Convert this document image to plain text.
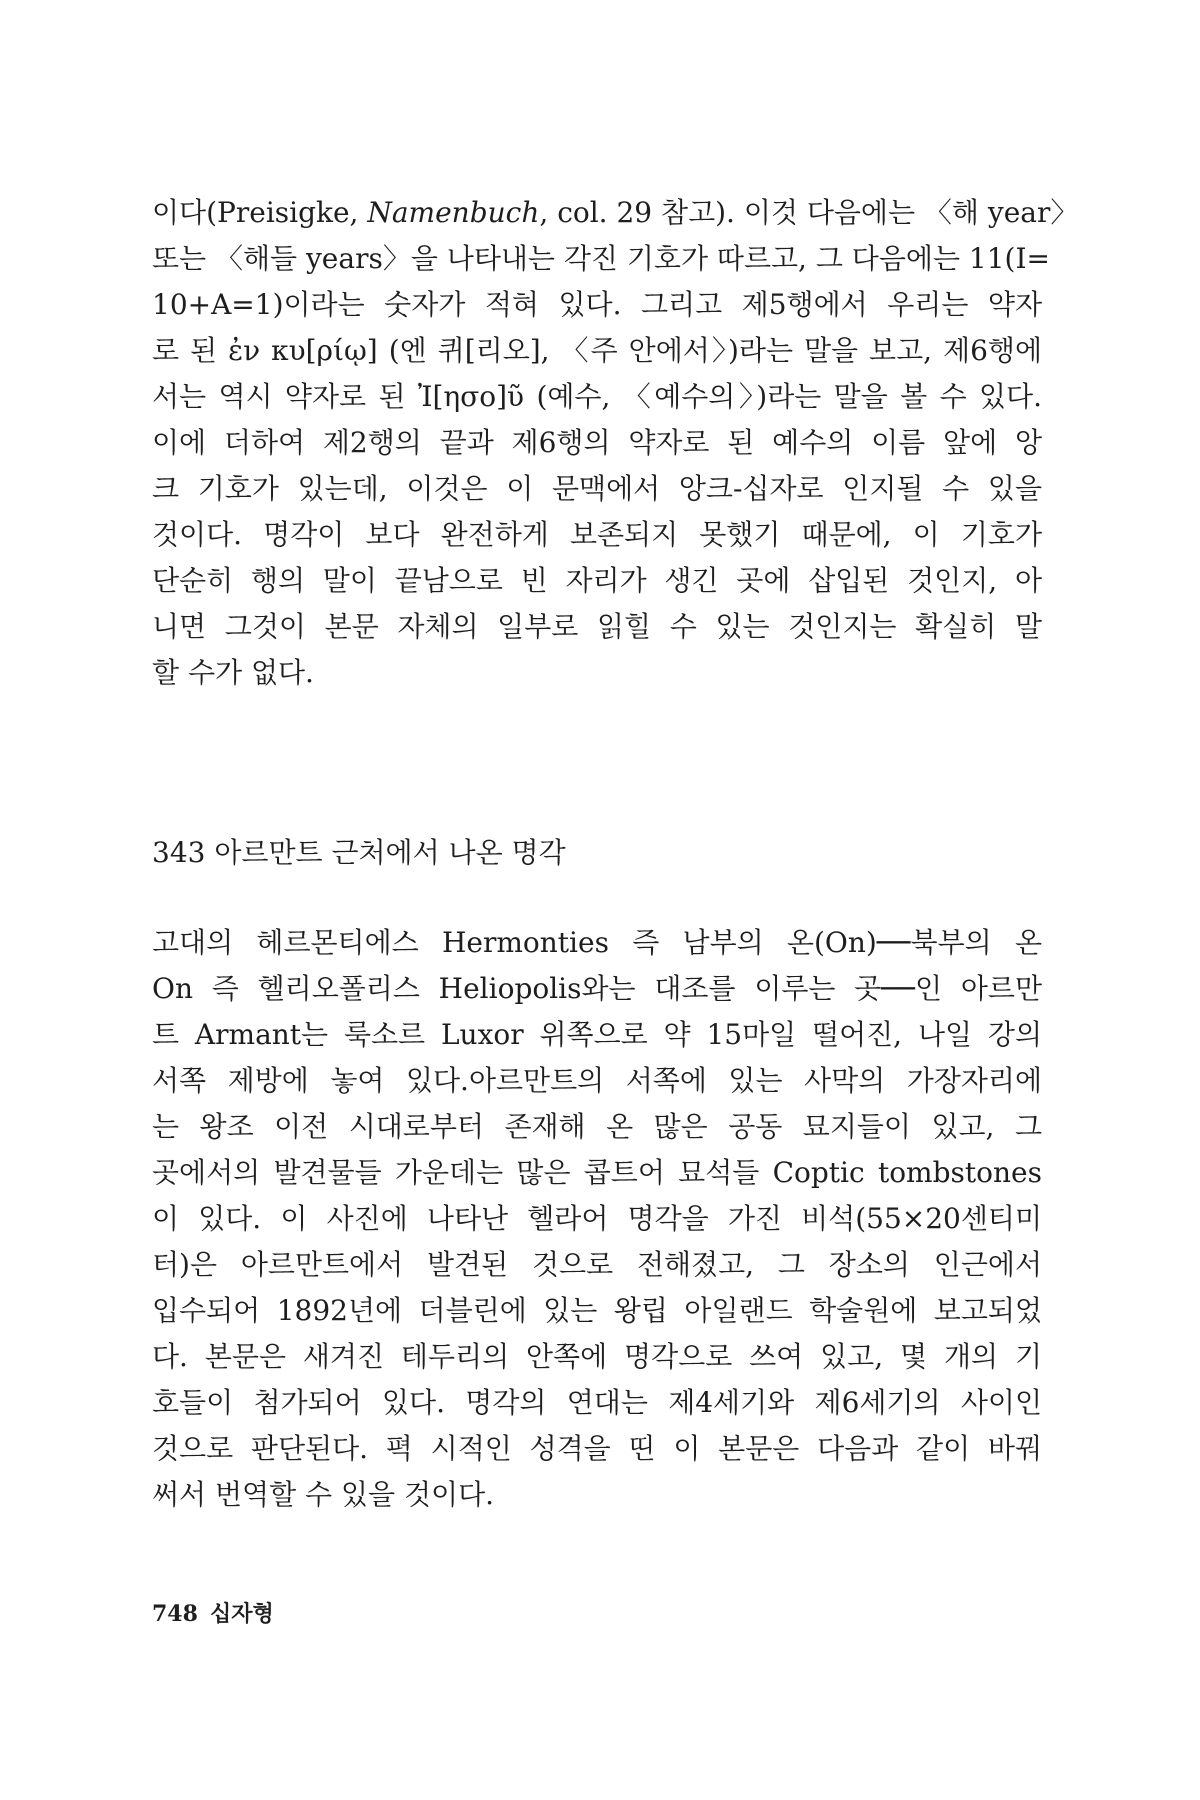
이다(Preisigke, Namenbuch, col. 29 참고). 이것 다음에는 〈해 year〉
또는 〈해들 years〉을 나타내는 각진 기호가 따르고, 그 다음에는 11(I=
10+A=1)이라는 숫자가 적혀 있다. 그리고 제5행에서 우리는 약자
로 된 ἐν κυ[ρίῳ] (엔 퀴[리오], 〈주 안에서〉)라는 말을 보고, 제6행에
서는 역시 약자로 된 Ἰ[ησο]ῦ (예수, 〈예수의〉)라는 말을 볼 수 있다.
이에 더하여 제2행의 끝과 제6행의 약자로 된 예수의 이름 앞에 앙
크 기호가 있는데, 이것은 이 문맥에서 앙크-십자로 인지될 수 있을
것이다. 명각이 보다 완전하게 보존되지 못했기 때문에, 이 기호가
단순히 행의 말이 끝남으로 빈 자리가 생긴 곳에 삽입된 것인지, 아
니면 그것이 본문 자체의 일부로 읽힐 수 있는 것인지는 확실히 말
할 수가 없다.
343 아르만트 근처에서 나온 명각
고대의 헤르몬티에스 Hermonties 즉 남부의 온(On)──북부의 온
On 즉 헬리오폴리스 Heliopolis와는 대조를 이루는 곳──인 아르만
트 Armant는 룩소르 Luxor 위쪽으로 약 15마일 떨어진, 나일 강의
서쪽 제방에 놓여 있다.아르만트의 서쪽에 있는 사막의 가장자리에
는 왕조 이전 시대로부터 존재해 온 많은 공동 묘지들이 있고, 그
곳에서의 발견물들 가운데는 많은 콥트어 묘석들 Coptic tombstones
이 있다. 이 사진에 나타난 헬라어 명각을 가진 비석(55×20센티미
터)은 아르만트에서 발견된 것으로 전해졌고, 그 장소의 인근에서
입수되어 1892년에 더블린에 있는 왕립 아일랜드 학술원에 보고되었
다. 본문은 새겨진 테두리의 안쪽에 명각으로 쓰여 있고, 몇 개의 기
호들이 첨가되어 있다. 명각의 연대는 제4세기와 제6세기의 사이인
것으로 판단된다. 펵 시적인 성격을 띤 이 본문은 다음과 같이 바꿔
써서 번역할 수 있을 것이다.
748 십자형
